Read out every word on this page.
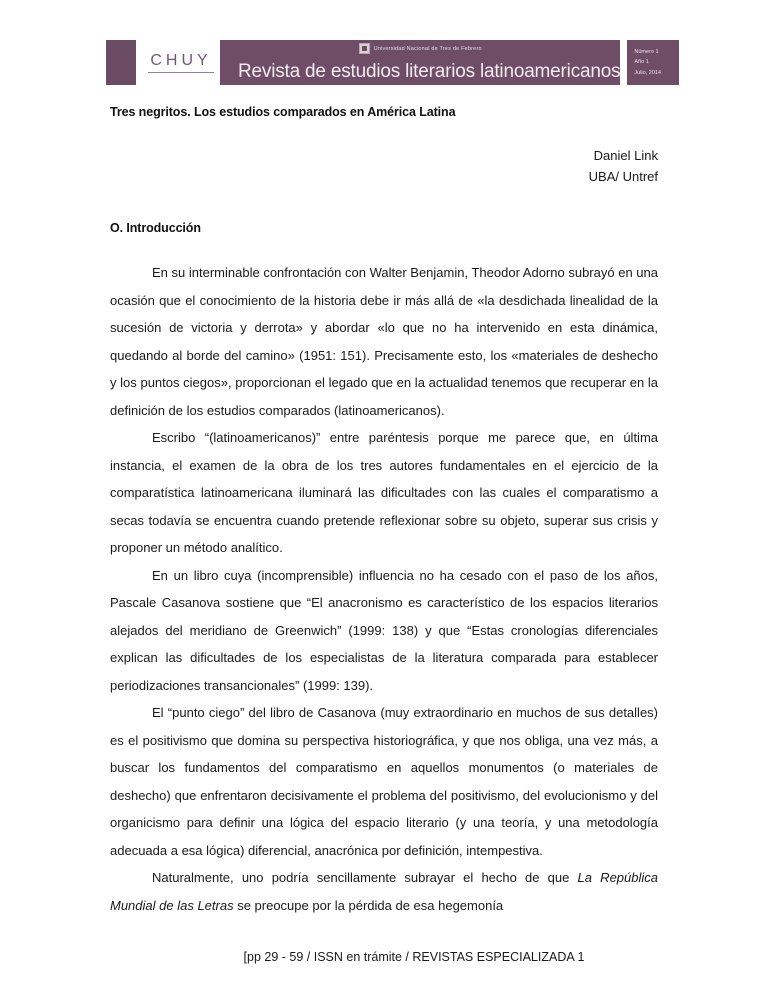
CHUY
Universidad Nacional de Tres de Febrero
Revista de estudios literarios latinoamericanos
Número 1
Año 1
Julio, 2014
Tres negritos. Los estudios comparados en América Latina
Daniel Link
UBA/ Untref
O. Introducción

En su interminable confrontación con Walter Benjamin, Theodor Adorno subrayó en una ocasión que el conocimiento de la historia debe ir más allá de «la desdichada linealidad de la sucesión de victoria y derrota» y abordar «lo que no ha intervenido en esta dinámica, quedando al borde del camino» (1951: 151). Precisamente esto, los «materiales de deshecho y los puntos ciegos», proporcionan el legado que en la actualidad tenemos que recuperar en la definición de los estudios comparados (latinoamericanos).

Escribo “(latinoamericanos)” entre paréntesis porque me parece que, en última instancia, el examen de la obra de los tres autores fundamentales en el ejercicio de la comparatística latinoamericana iluminará las dificultades con las cuales el comparatismo a secas todavía se encuentra cuando pretende reflexionar sobre su objeto, superar sus crisis y proponer un método analítico.

En un libro cuya (incomprensible) influencia no ha cesado con el paso de los años, Pascale Casanova sostiene que “El anacronismo es característico de los espacios literarios alejados del meridiano de Greenwich” (1999: 138) y que “Estas cronologías diferenciales explican las dificultades de los especialistas de la literatura comparada para establecer periodizaciones transancionales” (1999: 139).

El “punto ciego” del libro de Casanova (muy extraordinario en muchos de sus detalles) es el positivismo que domina su perspectiva historiográfica, y que nos obliga, una vez más, a buscar los fundamentos del comparatismo en aquellos monumentos (o materiales de deshecho) que enfrentaron decisivamente el problema del positivismo, del evolucionismo y del organicismo para definir una lógica del espacio literario (y una teoría, y una metodología adecuada a esa lógica) diferencial, anacrónica por definición, intempestiva.

Naturalmente, uno podría sencillamente subrayar el hecho de que La República Mundial de las Letras se preocupe por la pérdida de esa hegemonía

[pp 29 - 59 / ISSN en trámite / REVISTAS ESPECIALIZADA 1
